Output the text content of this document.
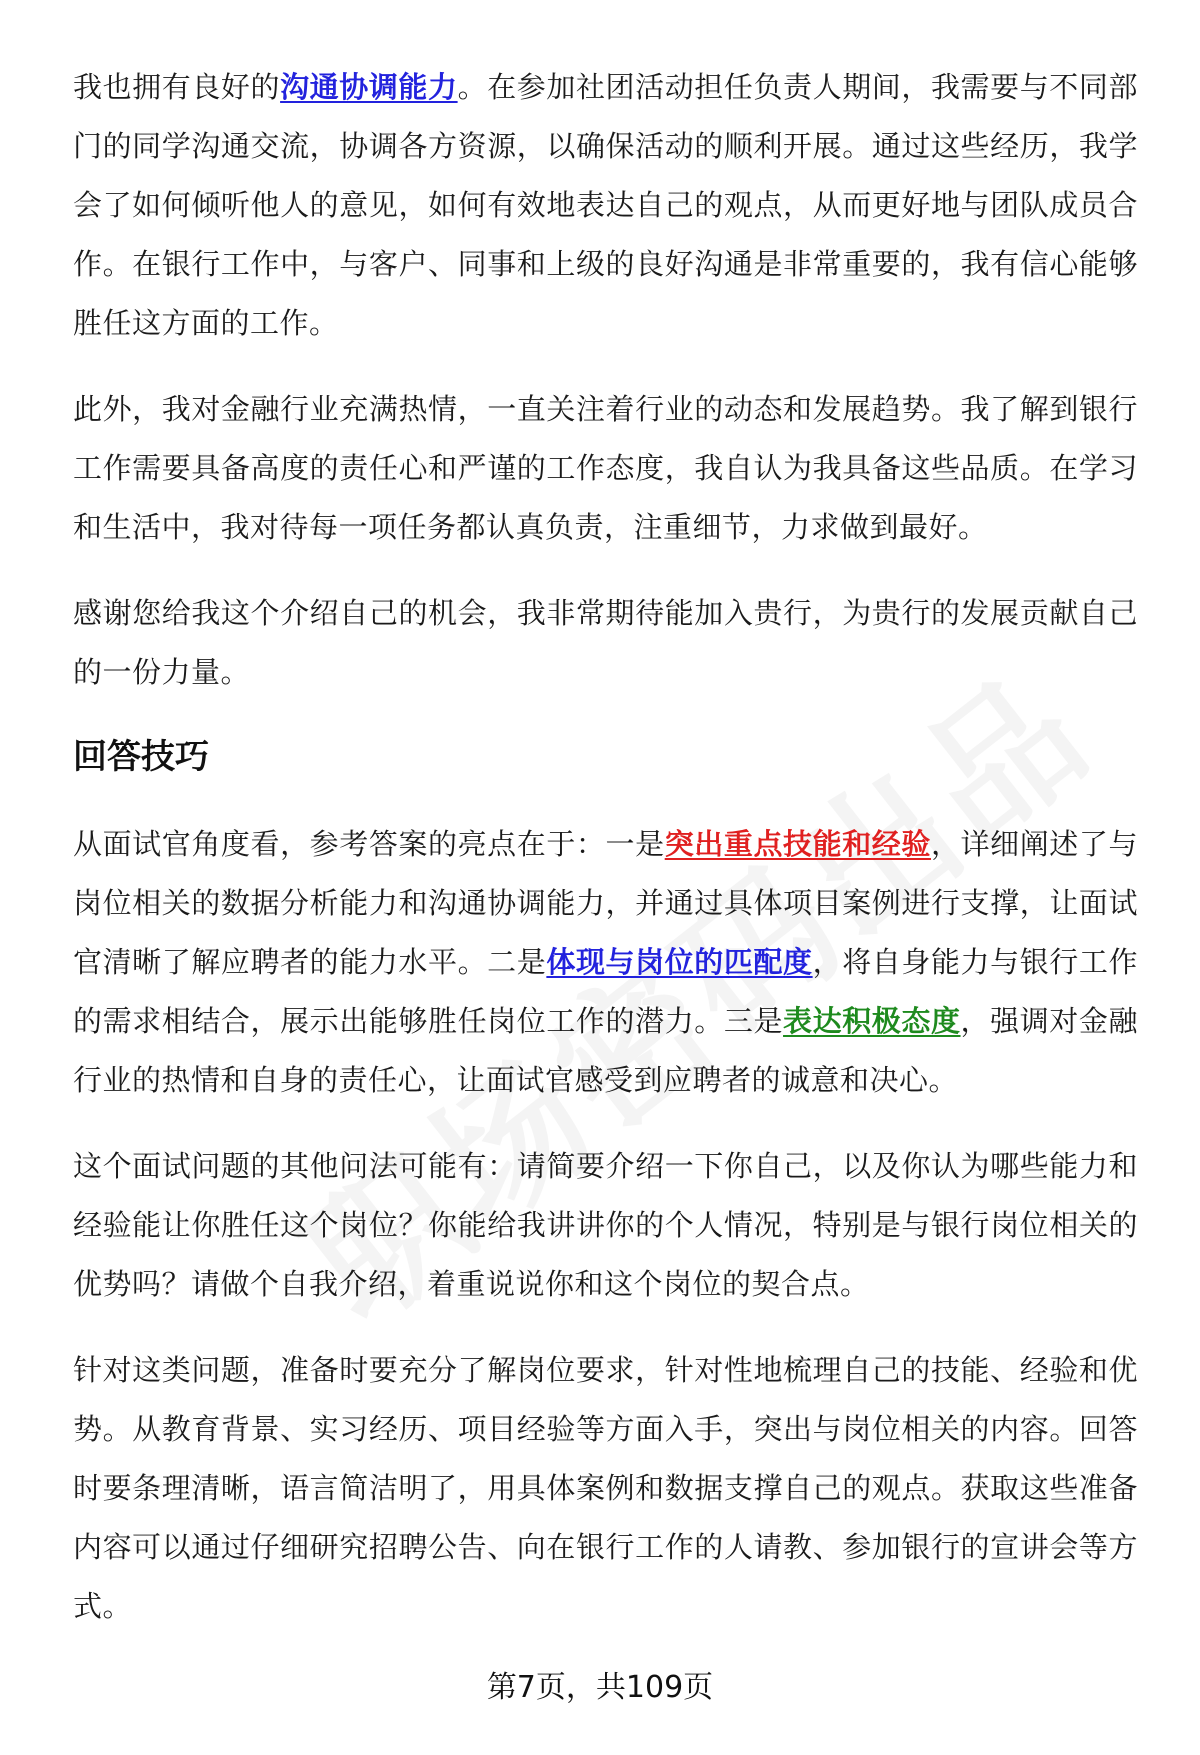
我也拥有良好的沟通协调能力。在参加社团活动担任负责人期间，我需要与不同部门的同学沟通交流，协调各方资源，以确保活动的顺利开展。通过这些经历，我学会了如何倾听他人的意见，如何有效地表达自己的观点，从而更好地与团队成员合作。在银行工作中，与客户、同事和上级的良好沟通是非常重要的，我有信心能够胜任这方面的工作。

此外，我对金融行业充满热情，一直关注着行业的动态和发展趋势。我了解到银行工作需要具备高度的责任心和严谨的工作态度，我自认为我具备这些品质。在学习和生活中，我对待每一项任务都认真负责，注重细节，力求做到最好。

感谢您给我这个介绍自己的机会，我非常期待能加入贵行，为贵行的发展贡献自己的一份力量。

回答技巧

从面试官角度看，参考答案的亮点在于：一是突出重点技能和经验，详细阐述了与岗位相关的数据分析能力和沟通协调能力，并通过具体项目案例进行支撑，让面试官清晰了解应聘者的能力水平。二是体现与岗位的匹配度，将自身能力与银行工作的需求相结合，展示出能够胜任岗位工作的潜力。三是表达积极态度，强调对金融行业的热情和自身的责任心，让面试官感受到应聘者的诚意和决心。

这个面试问题的其他问法可能有：请简要介绍一下你自己，以及你认为哪些能力和经验能让你胜任这个岗位？你能给我讲讲你的个人情况，特别是与银行岗位相关的优势吗？请做个自我介绍，着重说说你和这个岗位的契合点。

针对这类问题，准备时要充分了解岗位要求，针对性地梳理自己的技能、经验和优势。从教育背景、实习经历、项目经验等方面入手，突出与岗位相关的内容。回答时要条理清晰，语言简洁明了，用具体案例和数据支撑自己的观点。获取这些准备内容可以通过仔细研究招聘公告、向在银行工作的人请教、参加银行的宣讲会等方式。

第7页，共109页
